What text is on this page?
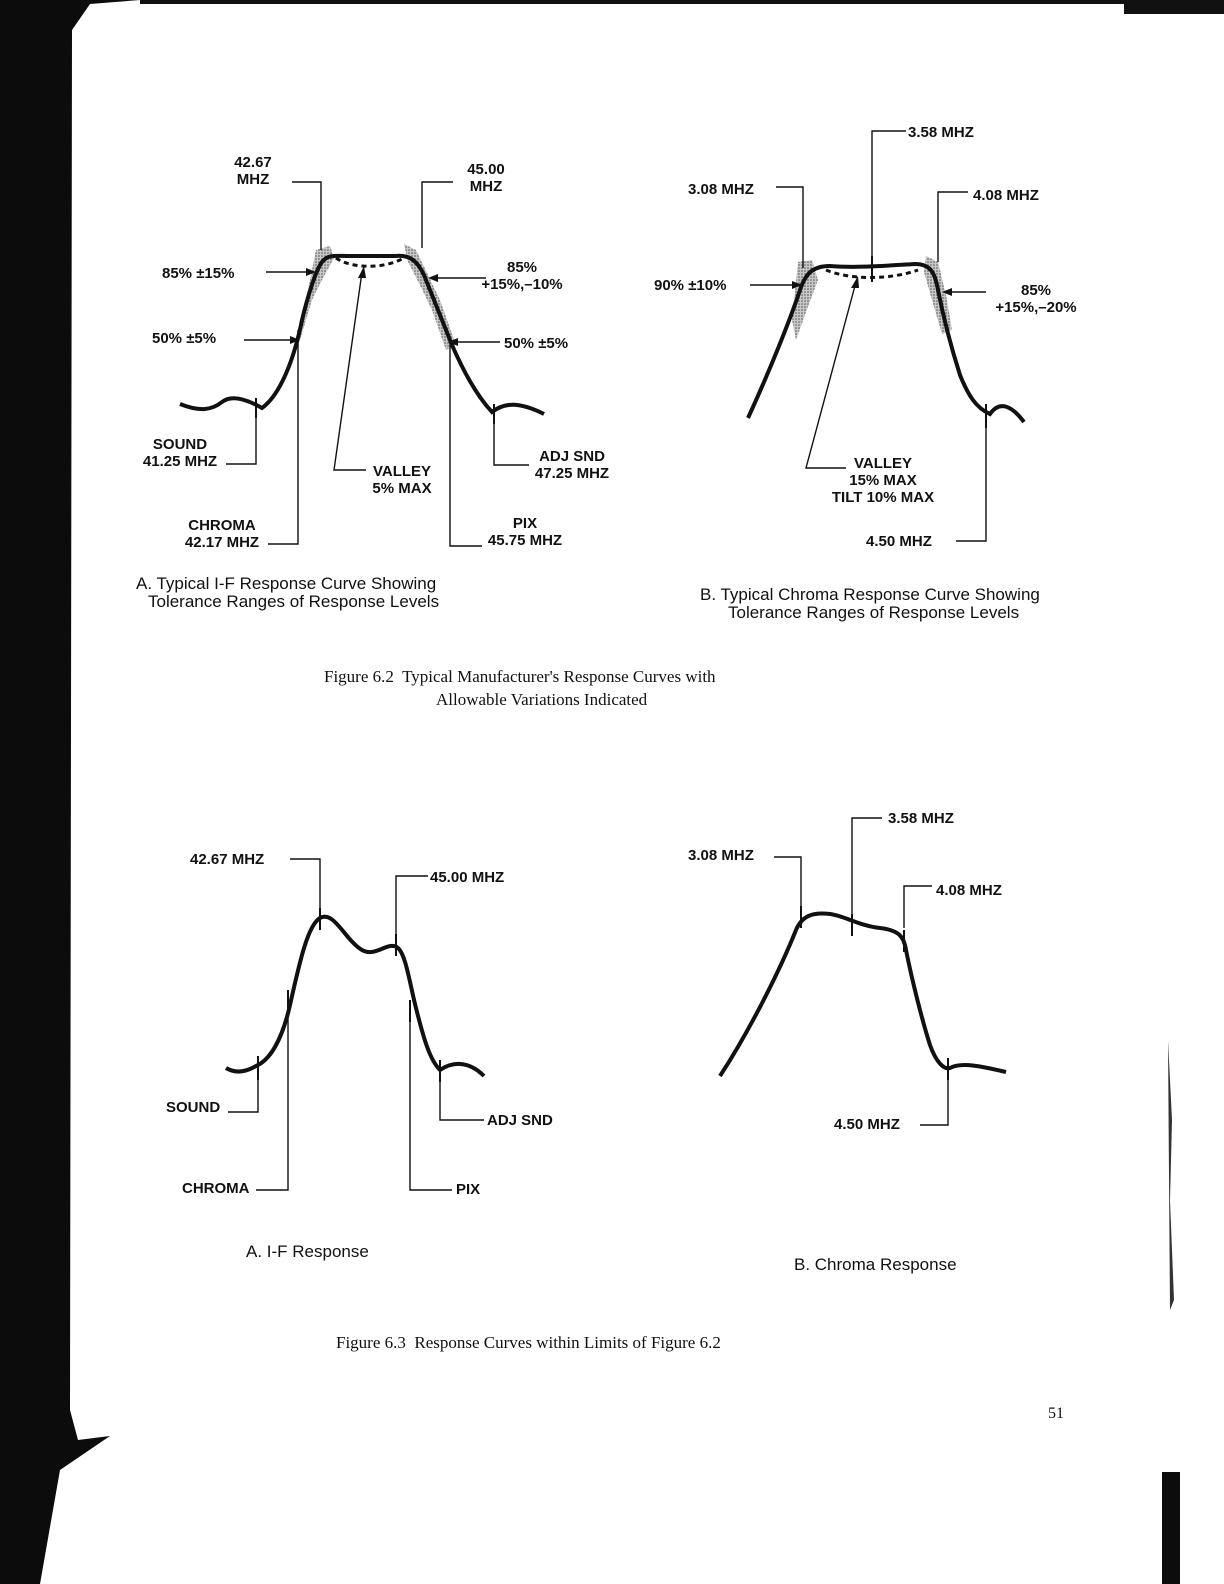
42.67
MHZ
45.00
MHZ
85% ±15%	85%
+15%,–10%
50% ±5%	50% ±5%
SOUND
41.25 MHZ
VALLEY
5% MAX
ADJ SND
47.25 MHZ
CHROMA
42.17 MHZ
PIX
45.75 MHZ
A. Typical I-F Response Curve Showing
Tolerance Ranges of Response Levels
3.58 MHZ
3.08 MHZ	4.08 MHZ
90% ±10%	85%
+15%,–20%
VALLEY
15% MAX
TILT 10% MAX
4.50 MHZ
B. Typical Chroma Response Curve Showing
Tolerance Ranges of Response Levels
Figure 6.2 Typical Manufacturer's Response Curves with
Allowable Variations Indicated
42.67 MHZ
45.00 MHZ
SOUND
ADJ SND
CHROMA	PIX
A. I-F Response
3.58 MHZ
3.08 MHZ
4.08 MHZ
4.50 MHZ
B. Chroma Response
Figure 6.3 Response Curves within Limits of Figure 6.2
51
